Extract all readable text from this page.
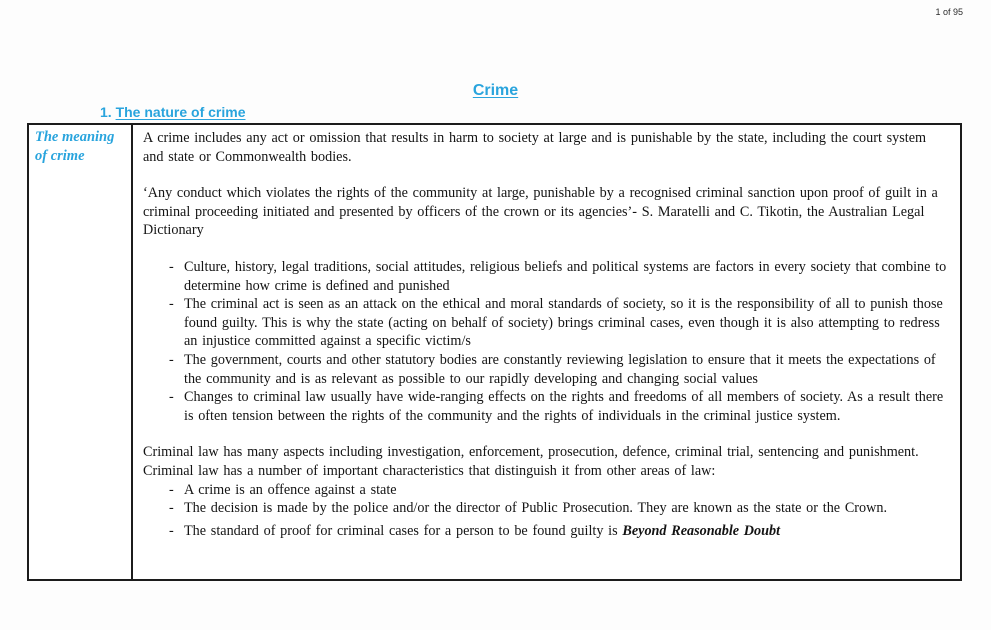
1 of 95
Crime
1. The nature of crime
The meaning of crime

A crime includes any act or omission that results in harm to society at large and is punishable by the state, including the court system and state or Commonwealth bodies.

‘Any conduct which violates the rights of the community at large, punishable by a recognised criminal sanction upon proof of guilt in a criminal proceeding initiated and presented by officers of the crown or its agencies’- S. Maratelli and C. Tikotin, the Australian Legal Dictionary

- Culture, history, legal traditions, social attitudes, religious beliefs and political systems are factors in every society that combine to determine how crime is defined and punished
- The criminal act is seen as an attack on the ethical and moral standards of society, so it is the responsibility of all to punish those found guilty. This is why the state (acting on behalf of society) brings criminal cases, even though it is also attempting to redress an injustice committed against a specific victim/s
- The government, courts and other statutory bodies are constantly reviewing legislation to ensure that it meets the expectations of the community and is as relevant as possible to our rapidly developing and changing social values
- Changes to criminal law usually have wide-ranging effects on the rights and freedoms of all members of society. As a result there is often tension between the rights of the community and the rights of individuals in the criminal justice system.

Criminal law has many aspects including investigation, enforcement, prosecution, defence, criminal trial, sentencing and punishment. Criminal law has a number of important characteristics that distinguish it from other areas of law:

- A crime is an offence against a state
- The decision is made by the police and/or the director of Public Prosecution. They are known as the state or the Crown.
- The standard of proof for criminal cases for a person to be found guilty is Beyond Reasonable Doubt
